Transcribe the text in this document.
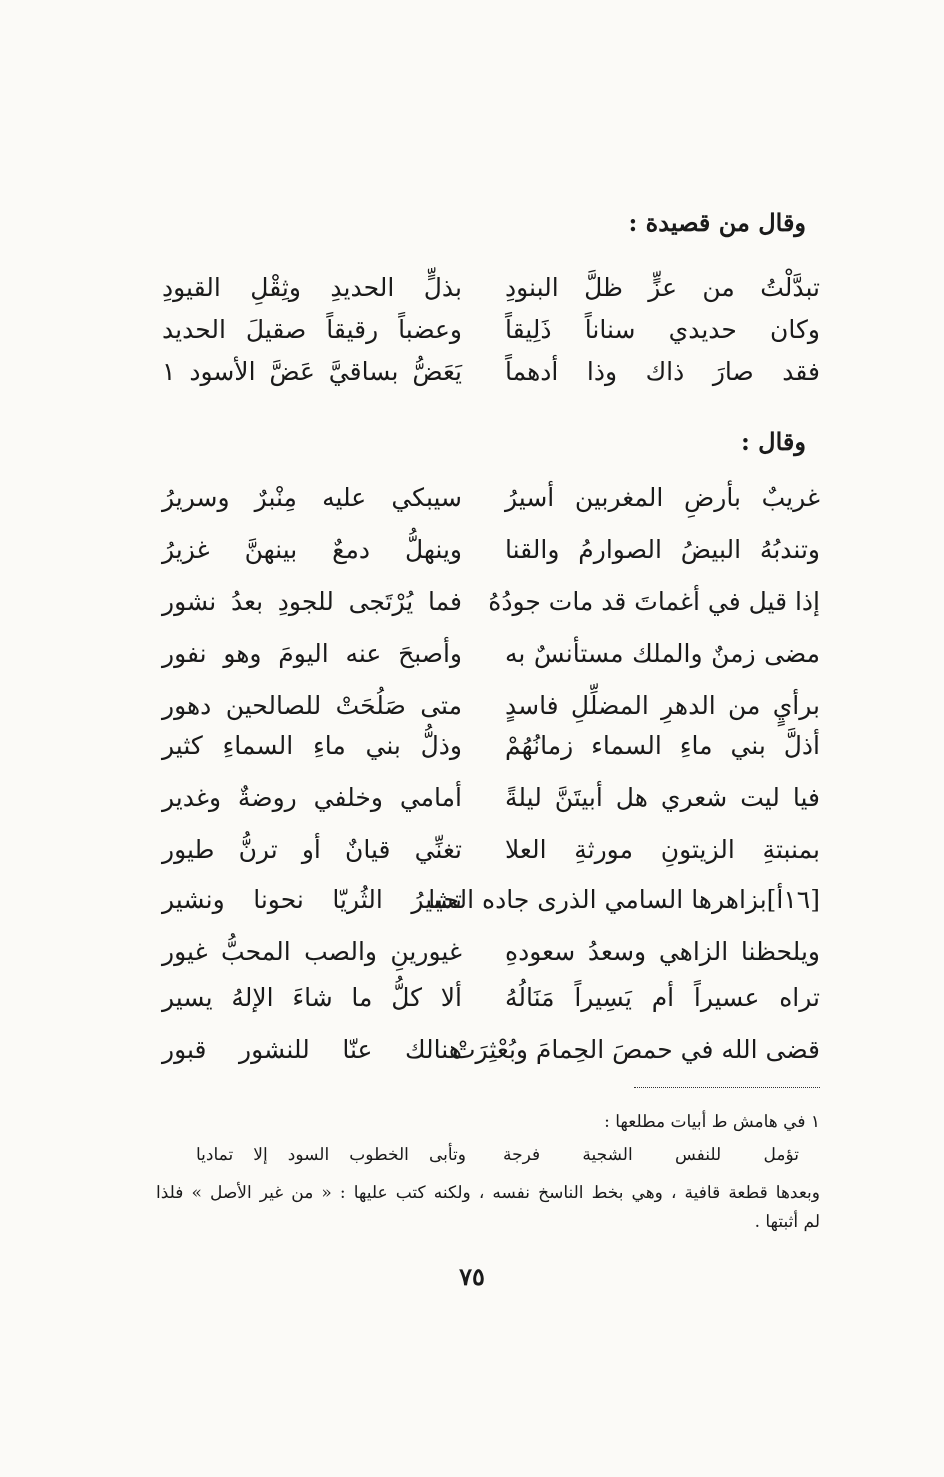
وقال من قصيدة :
تبدَّلْتُ من عزٍّ ظلَّ البنودِ
بذلٍّ الحديدِ وثِقْلِ القيودِ
وكان حديدي سناناً ذَلِيقاً
وعضباً رقيقاً صقيلَ الحديد
فقد صارَ ذاك وذا أدهماً
يَعَضُّ بساقيَّ عَضَّ الأسود ١
وقال :
غريبٌ بأرضِ المغربين أسيرُ
سيبكي عليه مِنْبرٌ وسريرُ
وتندبُهُ البيضُ الصوارمُ والقنا
وينهلُّ دمعٌ بينهنَّ غزيرُ
إذا قيل في أغماتَ قد مات جودُهُ
فما يُرْتَجى للجودِ بعدُ نشور
مضى زمنٌ والملك مستأنسٌ به
وأصبحَ عنه اليومَ وهو نفور
برأيٍ من الدهرِ المضلِّلِ فاسدٍ
متى صَلُحَتْ للصالحين دهور
أذلَّ بني ماءِ السماء زمانُهُمْ
وذلُّ بني ماءِ السماءِ كثير
فيا ليت شعري هل أبيتَنَّ ليلةً
أمامي وخلفي روضةٌ وغدير
بمنبتةِ الزيتونِ مورثةِ العلا
تغنِّي قيانٌ أو ترنُّ طيور
[١٦أ]بزاهرها السامي الذرى جاده الحيا
تشيرُ الثُريّا نحونا ونشير
ويلحظنا الزاهي وسعدُ سعودهِ
غيورينِ والصب المحبُّ غيور
تراه عسيراً أم يَسِيراً مَنَالُهُ
ألا كلُّ ما شاءَ الإلهُ يسير
قضى الله في حمصَ الحِمامَ وبُعْثِرَتْ
هنالك عنّا للنشور قبور
١ في هامش ط أبيات مطلعها :
تؤمل للنفس الشجية فرجة
وتأبى الخطوب السود إلا تماديا
وبعدها قطعة قافية ، وهي بخط الناسخ نفسه ، ولكنه كتب عليها : « من غير الأصل » فلذا
لم أثبتها .
٧٥
